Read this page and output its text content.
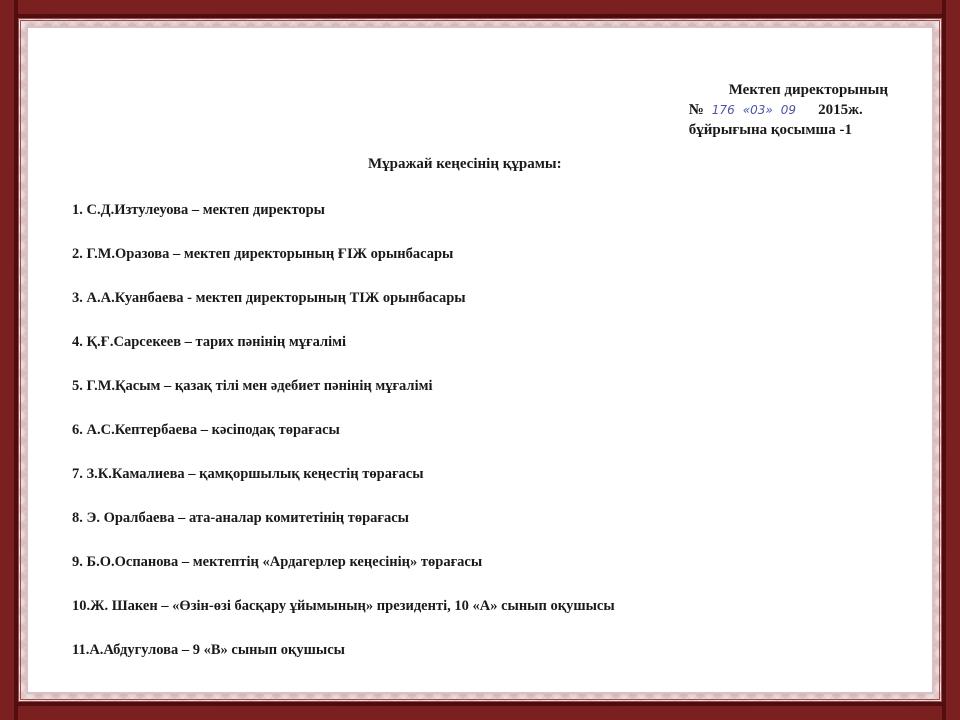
Мектеп директорының
№ 176 «03» 09 2015ж.
бұйрығына қосымша -1
Мұражай кеңесінің құрамы:
1. С.Д.Изтулеуова – мектеп директоры
2. Г.М.Оразова – мектеп директорының ҒІЖ орынбасары
3. А.А.Куанбаева - мектеп директорының ТІЖ орынбасары
4. Қ.Ғ.Сарсекеев – тарих пәнінің мұғалімі
5. Г.М.Қасым – қазақ тілі мен әдебиет пәнінің мұғалімі
6. А.С.Кептербаева – кәсіподақ төрағасы
7. З.К.Камалиева – қамқоршылық кеңестің төрағасы
8. Э. Оралбаева – ата-аналар комитетінің төрағасы
9. Б.О.Оспанова – мектептің «Ардагерлер кеңесінің» төрағасы
10.Ж. Шакен – «Өзін-өзі басқару ұйымының» президенті, 10 «А» сынып оқушысы
11.А.Абдугулова – 9 «В» сынып оқушысы
